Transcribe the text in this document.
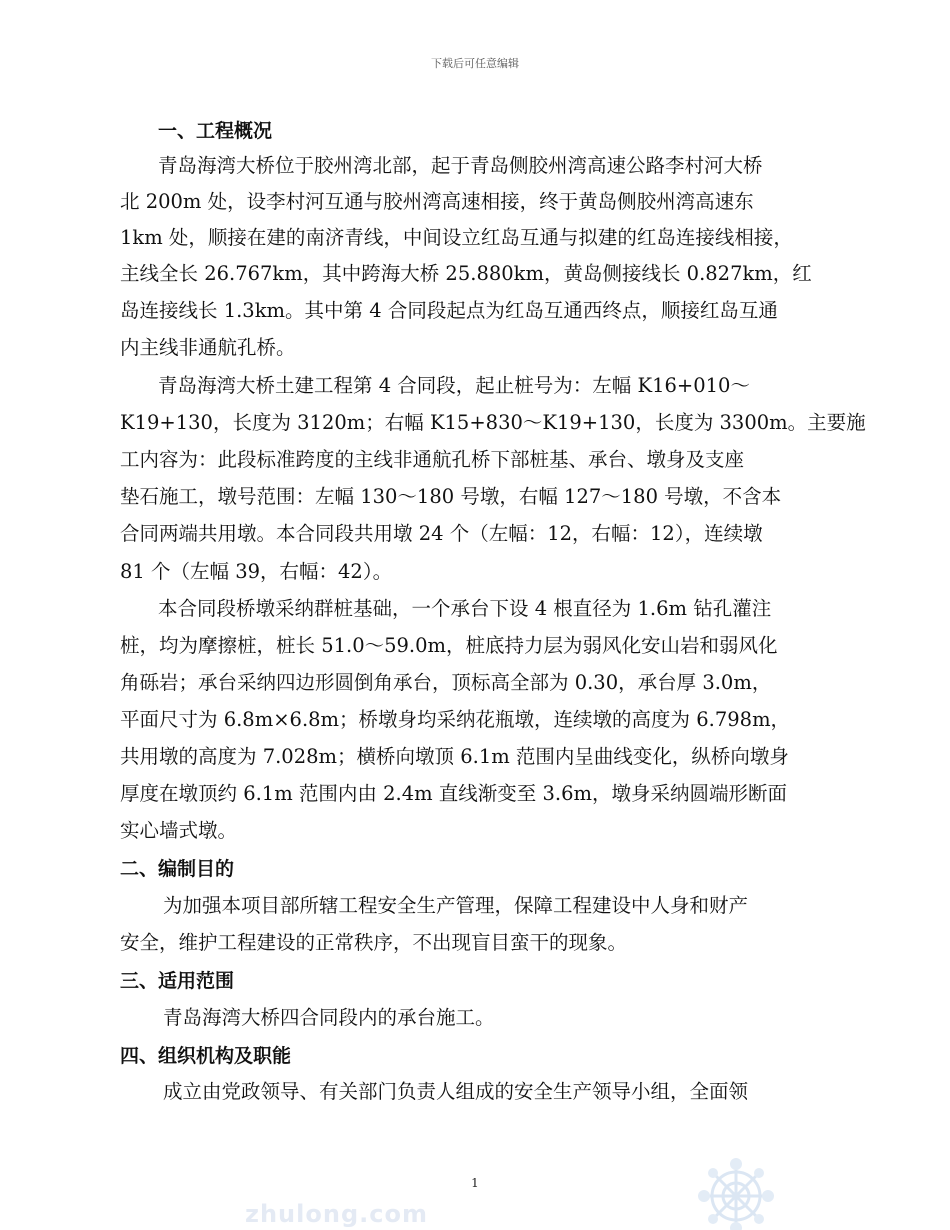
下载后可任意编辑
一、工程概况
青岛海湾大桥位于胶州湾北部，起于青岛侧胶州湾高速公路李村河大桥
北 200m 处，设李村河互通与胶州湾高速相接，终于黄岛侧胶州湾高速东
1km 处，顺接在建的南济青线，中间设立红岛互通与拟建的红岛连接线相接，
主线全长 26.767km，其中跨海大桥 25.880km，黄岛侧接线长 0.827km，红
岛连接线长 1.3km。其中第 4 合同段起点为红岛互通西终点，顺接红岛互通
内主线非通航孔桥。
青岛海湾大桥土建工程第 4 合同段，起止桩号为：左幅 K16+010～
K19+130，长度为 3120m；右幅 K15+830～K19+130，长度为 3300m。主要施
工内容为：此段标准跨度的主线非通航孔桥下部桩基、承台、墩身及支座
垫石施工，墩号范围：左幅 130～180 号墩，右幅 127～180 号墩，不含本
合同两端共用墩。本合同段共用墩 24 个（左幅：12，右幅：12），连续墩
81 个（左幅 39，右幅：42）。
本合同段桥墩采纳群桩基础，一个承台下设 4 根直径为 1.6m 钻孔灌注
桩，均为摩擦桩，桩长 51.0～59.0m，桩底持力层为弱风化安山岩和弱风化
角砾岩；承台采纳四边形圆倒角承台，顶标高全部为 0.30，承台厚 3.0m，
平面尺寸为 6.8m×6.8m；桥墩身均采纳花瓶墩，连续墩的高度为 6.798m，
共用墩的高度为 7.028m；横桥向墩顶 6.1m 范围内呈曲线变化，纵桥向墩身
厚度在墩顶约 6.1m 范围内由 2.4m 直线渐变至 3.6m，墩身采纳圆端形断面
实心墙式墩。
二、编制目的
为加强本项目部所辖工程安全生产管理，保障工程建设中人身和财产
安全，维护工程建设的正常秩序，不出现盲目蛮干的现象。
三、适用范围
青岛海湾大桥四合同段内的承台施工。
四、组织机构及职能
成立由党政领导、有关部门负责人组成的安全生产领导小组，全面领
1
zhulong.com
